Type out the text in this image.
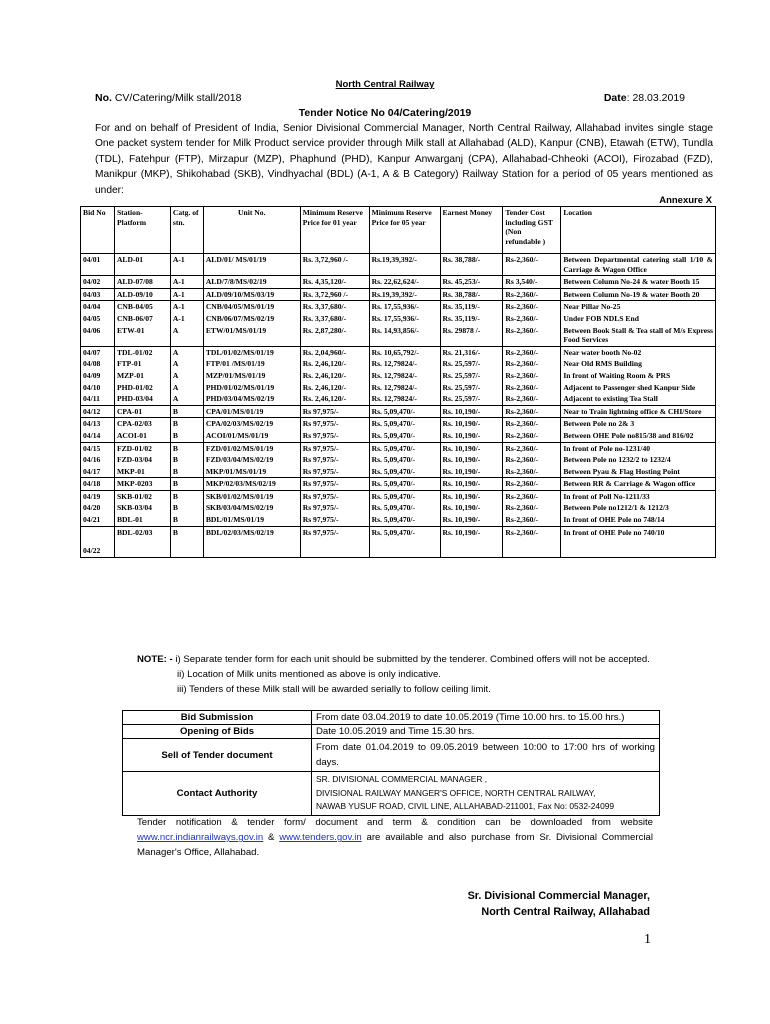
North Central Railway
No. CV/Catering/Milk stall/2018	Date: 28.03.2019
Tender Notice No 04/Catering/2019
For and on behalf of President of India, Senior Divisional Commercial Manager, North Central Railway, Allahabad invites single stage One packet system tender for Milk Product service provider through Milk stall at Allahabad (ALD), Kanpur (CNB), Etawah (ETW), Tundla (TDL), Fatehpur (FTP), Mirzapur (MZP), Phaphund (PHD), Kanpur Anwarganj (CPA), Allahabad-Chheoki (ACOI), Firozabad (FZD), Manikpur (MKP), Shikohabad (SKB), Vindhyachal (BDL) (A-1, A & B Category) Railway Station for a period of 05 years mentioned as under:
Annexure X
Bid No	Station-Platform	Catg. of stn.	Unit No.	Minimum Reserve Price for 01 year	Minimum Reserve Price for 05 year	Earnest Money	Tender Cost including GST (Non refundable )	Location
04/01	ALD-01	A-1	ALD/01/ MS/01/19	Rs. 3,72,960 /-	Rs.19,39,392/-	Rs. 38,788/-	Rs-2,360/-	Between Departmental catering stall 1/10 & Carriage & Wagon Office
04/02	ALD-07/08	A-1	ALD/7/8/MS/02/19	Rs. 4,35,120/-	Rs. 22,62,624/-	Rs. 45,253/-	Rs 3,540/-	Between Column No-24 & water Booth 15
04/03	ALD-09/10	A-1	ALD/09/10/MS/03/19	Rs. 3,72,960 /-	Rs.19,39,392/-	Rs. 38,788/-	Rs-2,360/-	Between Column No-19 & water Booth 20
04/04	CNB-04/05	A-1	CNB/04/05/MS/01/19	Rs. 3,37,680/-	Rs. 17,55,936/-	Rs. 35,119/-	Rs-2,360/-	Near Pillar No-25
04/05	CNB-06/07	A-1	CNB/06/07/MS/02/19	Rs. 3,37,680/-	Rs. 17,55,936/-	Rs. 35,119/-	Rs-2,360/-	Under FOB NDLS End
04/06	ETW-01	A	ETW/01/MS/01/19	Rs. 2,87,280/-	Rs. 14,93,856/-	Rs. 29878 /-	Rs-2,360/-	Between Book Stall & Tea stall of M/s Express Food Services
04/07	TDL-01/02	A	TDL/01/02/MS/01/19	Rs. 2,04,960/-	Rs. 10,65,792/-	Rs. 21,316/-	Rs-2,360/-	Near water booth No-02
04/08	FTP-01	A	FTP/01 /MS/01/19	Rs. 2,46,120/-	Rs. 12,79824/-	Rs. 25,597/-	Rs-2,360/-	Near Old RMS Building
04/09	MZP-01	A	MZP/01/MS/01/19	Rs. 2,46,120/-	Rs. 12,79824/-	Rs. 25,597/-	Rs-2,360/-	In front of Waiting Room & PRS
04/10	PHD-01/02	A	PHD/01/02/MS/01/19	Rs. 2,46,120/-	Rs. 12,79824/-	Rs. 25,597/-	Rs-2,360/-	Adjacent to Passenger shed Kanpur Side
04/11	PHD-03/04	A	PHD/03/04/MS/02/19	Rs. 2,46,120/-	Rs. 12,79824/-	Rs. 25,597/-	Rs-2,360/-	Adjacent to existing Tea Stall
04/12	CPA-01	B	CPA/01/MS/01/19	Rs 97,975/-	Rs. 5,09,470/-	Rs. 10,190/-	Rs-2,360/-	Near to Train lightning office & CHI/Store
04/13	CPA-02/03	B	CPA/02/03/MS/02/19	Rs 97,975/-	Rs. 5,09,470/-	Rs. 10,190/-	Rs-2,360/-	Between Pole no 2& 3
04/14	ACOI-01	B	ACOI/01/MS/01/19	Rs 97,975/-	Rs. 5,09,470/-	Rs. 10,190/-	Rs-2,360/-	Between OHE Pole no815/38 and 816/02
04/15	FZD-01/02	B	FZD/01/02/MS/01/19	Rs 97,975/-	Rs. 5,09,470/-	Rs. 10,190/-	Rs-2,360/-	In front of Pole no-1231/40
04/16	FZD-03/04	B	FZD/03/04/MS/02/19	Rs 97,975/-	Rs. 5,09,470/-	Rs. 10,190/-	Rs-2,360/-	Between Pole no 1232/2 to 1232/4
04/17	MKP-01	B	MKP/01/MS/01/19	Rs 97,975/-	Rs. 5,09,470/-	Rs. 10,190/-	Rs-2,360/-	Between Pyau & Flag Hosting Point
04/18	MKP-0203	B	MKP/02/03/MS/02/19	Rs 97,975/-	Rs. 5,09,470/-	Rs. 10,190/-	Rs-2,360/-	Between RR & Carriage & Wagon office
04/19	SKB-01/02	B	SKB/01/02/MS/01/19	Rs 97,975/-	Rs. 5,09,470/-	Rs. 10,190/-	Rs-2,360/-	In front of Poll No-1211/33
04/20	SKB-03/04	B	SKB/03/04/MS/02/19	Rs 97,975/-	Rs. 5,09,470/-	Rs. 10,190/-	Rs-2,360/-	Between Pole no1212/1 & 1212/3
04/21	BDL-01	B	BDL/01/MS/01/19	Rs 97,975/-	Rs. 5,09,470/-	Rs. 10,190/-	Rs-2,360/-	In front of OHE Pole no 748/14
04/22	BDL-02/03	B	BDL/02/03/MS/02/19	Rs 97,975/-	Rs. 5,09,470/-	Rs. 10,190/-	Rs-2,360/-	In front of OHE Pole no 740/10
NOTE: - i) Separate tender form for each unit should be submitted by the tenderer. Combined offers will not be accepted.
ii) Location of Milk units mentioned as above is only indicative.
iii) Tenders of these Milk stall will be awarded serially to follow ceiling limit.
Bid Submission	From date 03.04.2019 to date 10.05.2019 (Time 10.00 hrs. to 15.00 hrs.)
Opening of Bids	Date 10.05.2019 and Time 15.30 hrs.
Sell of Tender document	From date 01.04.2019 to 09.05.2019 between 10:00 to 17:00 hrs of working days.
Contact Authority	SR. DIVISIONAL COMMERCIAL MANAGER ,
DIVISIONAL RAILWAY MANGER'S OFFICE, NORTH CENTRAL RAILWAY,
NAWAB YUSUF ROAD, CIVIL LINE, ALLAHABAD-211001, Fax No: 0532-24099
Tender notification & tender form/ document and term & condition can be downloaded from website www.ncr.indianrailways.gov.in & www.tenders.gov.in are available and also purchase from Sr. Divisional Commercial Manager's Office, Allahabad.
Sr. Divisional Commercial Manager,
North Central Railway, Allahabad
1
